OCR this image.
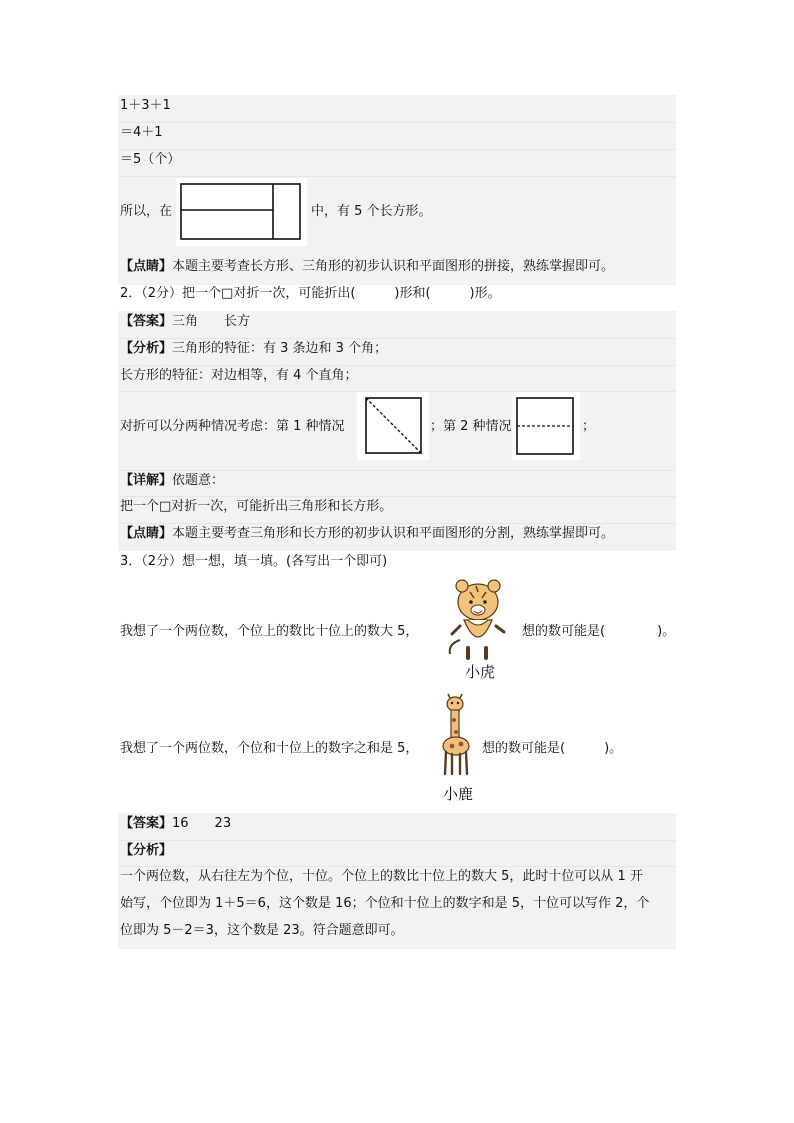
1＋3＋1
＝4＋1
＝5（个）
所以，在	中，有 5 个长方形。
【点睛】本题主要考查长方形、三角形的初步认识和平面图形的拼接，熟练掌握即可。
2．（2分）把一个□对折一次，可能折出(　　　)形和(　　　)形。
【答案】三角　　长方
【分析】三角形的特征：有 3 条边和 3 个角；
长方形的特征：对边相等，有 4 个直角；
对折可以分两种情况考虑：第 1 种情况	；第 2 种情况	；
【详解】依题意：
把一个□对折一次，可能折出三角形和长方形。
【点睛】本题主要考查三角形和长方形的初步认识和平面图形的分割，熟练掌握即可。
3．（2分）想一想，填一填。(各写出一个即可)
我想了一个两位数，个位上的数比十位上的数大 5，	想的数可能是(　　　　)。
小虎
我想了一个两位数，个位和十位上的数字之和是 5，	想的数可能是(　　　)。
小鹿
【答案】16　　23
【分析】
一个两位数，从右往左为个位，十位。个位上的数比十位上的数大 5，此时十位可以从 1 开
始写，个位即为 1＋5＝6，这个数是 16；个位和十位上的数字和是 5，十位可以写作 2，个
位即为 5－2＝3，这个数是 23。符合题意即可。
